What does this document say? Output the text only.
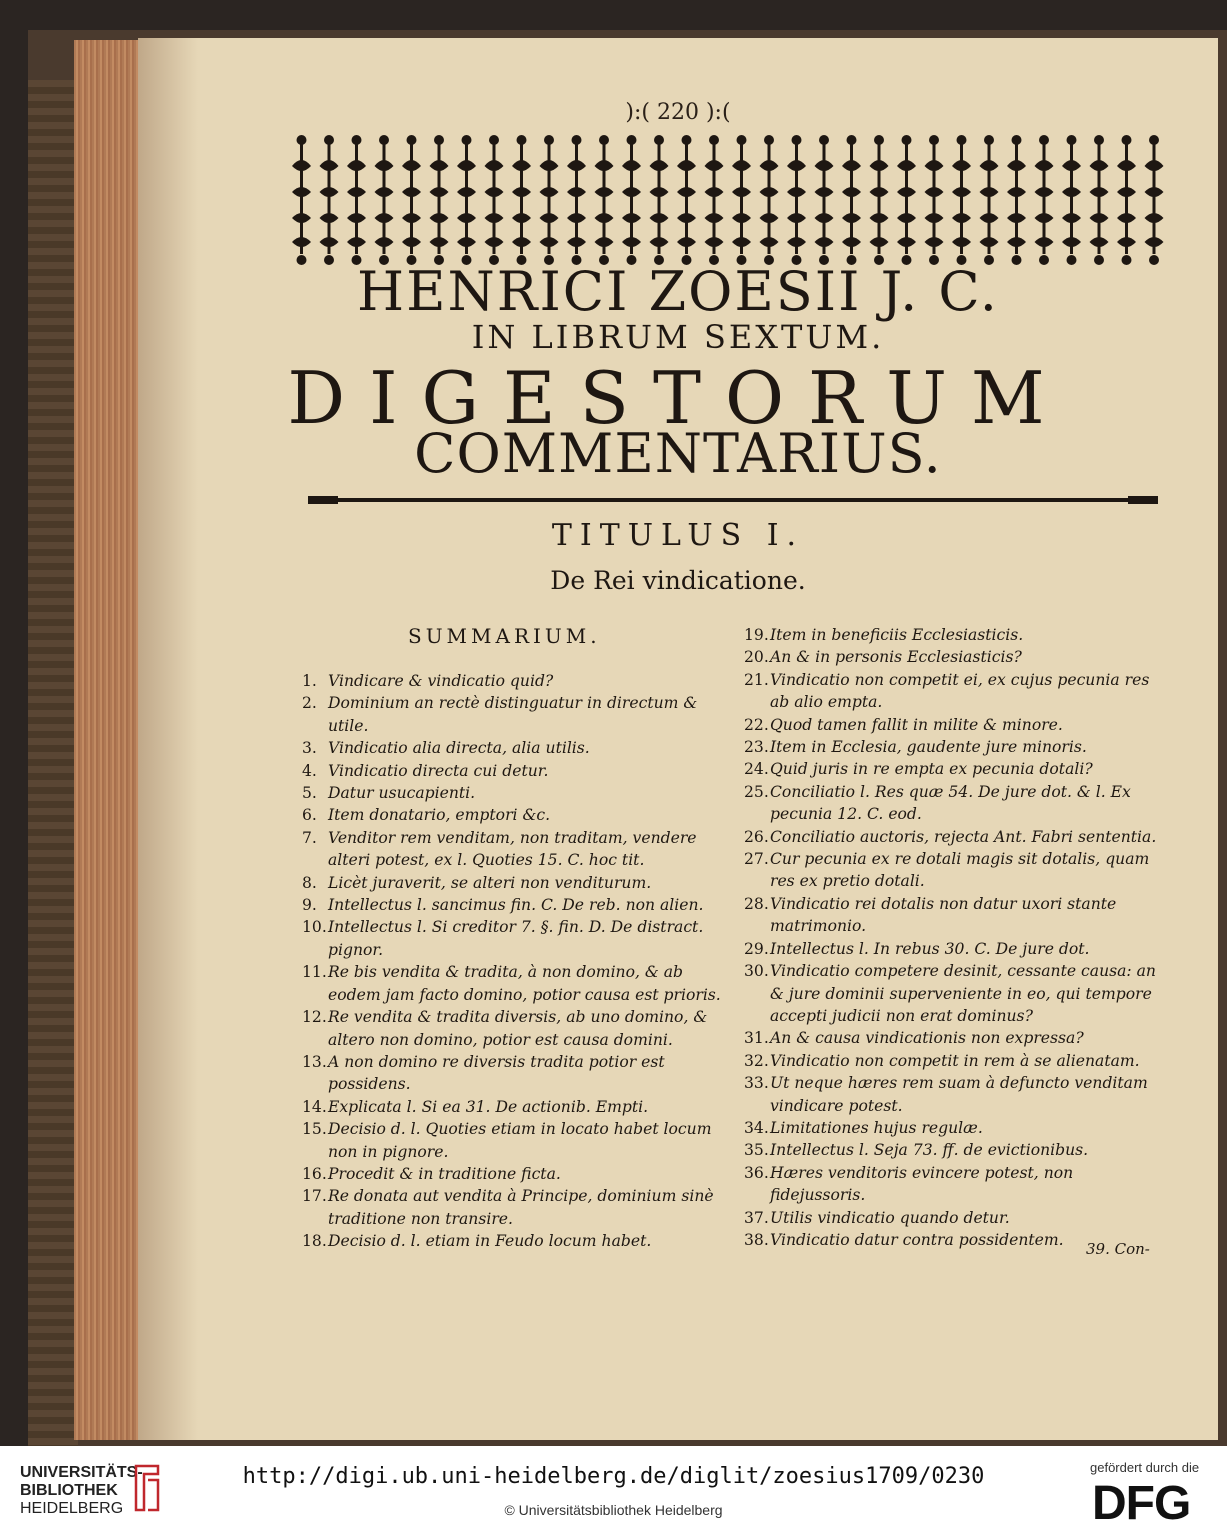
):( 220 ):(
HENRICI ZOESII J. C.
IN LIBRUM SEXTUM.
DIGESTORUM
COMMENTARIUS.
TITULUS I.
De Rei vindicatione.
SUMMARIUM.
1. Vindicare & vindicatio quid?
2. Dominium an rectè distinguatur in directum & utile.
3. Vindicatio alia directa, alia utilis.
4. Vindicatio directa cui detur.
5. Datur usucapienti.
6. Item donatario, emptori &c.
7. Venditor rem venditam, non traditam, vendere alteri potest, ex l. Quoties 15. C. hoc tit.
8. Licèt juraverit, se alteri non venditurum.
9. Intellectus l. sancimus fin. C. De reb. non alien.
10. Intellectus l. Si creditor 7. §. fin. D. De distract. pignor.
11. Re bis vendita & tradita, à non domino, & ab eodem jam facto domino, potior causa est prioris.
12. Re vendita & tradita diversis, ab uno domino, & altero non domino, potior est causa domini.
13. A non domino re diversis tradita potior est possidens.
14. Explicata l. Si ea 31. De actionib. Empti.
15. Decisio d. l. Quoties etiam in locato habet locum non in pignore.
16. Procedit & in traditione ficta.
17. Re donata aut vendita à Principe, dominium sinè traditione non transire.
18. Decisio d. l. etiam in Feudo locum habet.
19. Item in beneficiis Ecclesiasticis.
20. An & in personis Ecclesiasticis?
21. Vindicatio non competit ei, ex cujus pecunia res ab alio empta.
22. Quod tamen fallit in milite & minore.
23. Item in Ecclesia, gaudente jure minoris.
24. Quid juris in re empta ex pecunia dotali?
25. Conciliatio l. Res quæ 54. De jure dot. & l. Ex pecunia 12. C. eod.
26. Conciliatio auctoris, rejecta Ant. Fabri sententia.
27. Cur pecunia ex re dotali magis sit dotalis, quam res ex pretio dotali.
28. Vindicatio rei dotalis non datur uxori stante matrimonio.
29. Intellectus l. In rebus 30. C. De jure dot.
30. Vindicatio competere desinit, cessante causa: an & jure dominii superveniente in eo, qui tempore accepti judicii non erat dominus?
31. An & causa vindicationis non expressa?
32. Vindicatio non competit in rem à se alienatam.
33. Ut neque hæres rem suam à defuncto venditam vindicare potest.
34. Limitationes hujus regulæ.
35. Intellectus l. Seja 73. ff. de evictionibus.
36. Hæres venditoris evincere potest, non fidejussoris.
37. Utilis vindicatio quando detur.
38. Vindicatio datur contra possidentem.
39. Con-
UNIVERSITÄTS-
BIBLIOTHEK
HEIDELBERG
http://digi.ub.uni-heidelberg.de/diglit/zoesius1709/0230
© Universitätsbibliothek Heidelberg
gefördert durch die
DFG
